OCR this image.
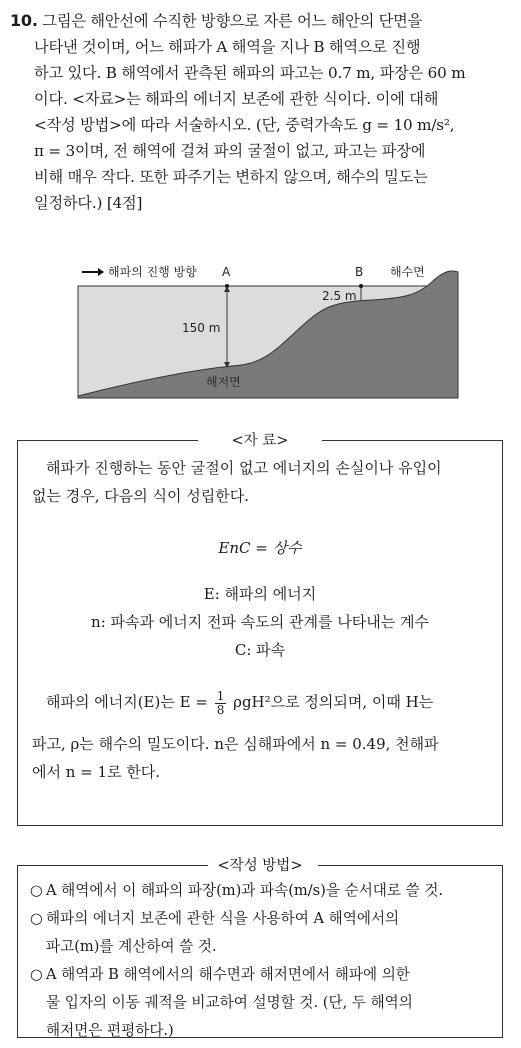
10. 그림은 해안선에 수직한 방향으로 자른 어느 해안의 단면을
나타낸 것이며, 어느 해파가 A 해역을 지나 B 해역으로 진행
하고 있다. B 해역에서 관측된 해파의 파고는 0.7 m, 파장은 60 m
이다. <자료>는 해파의 에너지 보존에 관한 식이다. 이에 대해
<작성 방법>에 따라 서술하시오. (단, 중력가속도 g = 10 m/s²,
π = 3이며, 전 해역에 걸쳐 파의 굴절이 없고, 파고는 파장에
비해 매우 작다. 또한 파주기는 변하지 않으며, 해수의 밀도는
일정하다.) [4점]
해파의 진행 방향 A
150 m
B
2.5 m
해수면
해저면
<자 료>
해파가 진행하는 동안 굴절이 없고 에너지의 손실이나 유입이
없는 경우, 다음의 식이 성립한다.
EnC = 상수
E: 해파의 에너지
n: 파속과 에너지 전파 속도의 관계를 나타내는 계수
C: 파속
해파의 에너지(E)는 $E = \frac{1}{8} \rho gH^2$으로 정의되며, 이때 H는
파고, ρ는 해수의 밀도이다. n은 심해파에서 n = 0.49, 천해파
에서 n = 1로 한다.
<작성 방법>
○ A 해역에서 이 해파의 파장(m)과 파속(m/s)을 순서대로 쓸 것.
○ 해파의 에너지 보존에 관한 식을 사용하여 A 해역에서의
파고(m)를 계산하여 쓸 것.
○ A 해역과 B 해역에서의 해수면과 해저면에서 해파에 의한
물 입자의 이동 궤적을 비교하여 설명할 것. (단, 두 해역의
해저면은 편평하다.)
